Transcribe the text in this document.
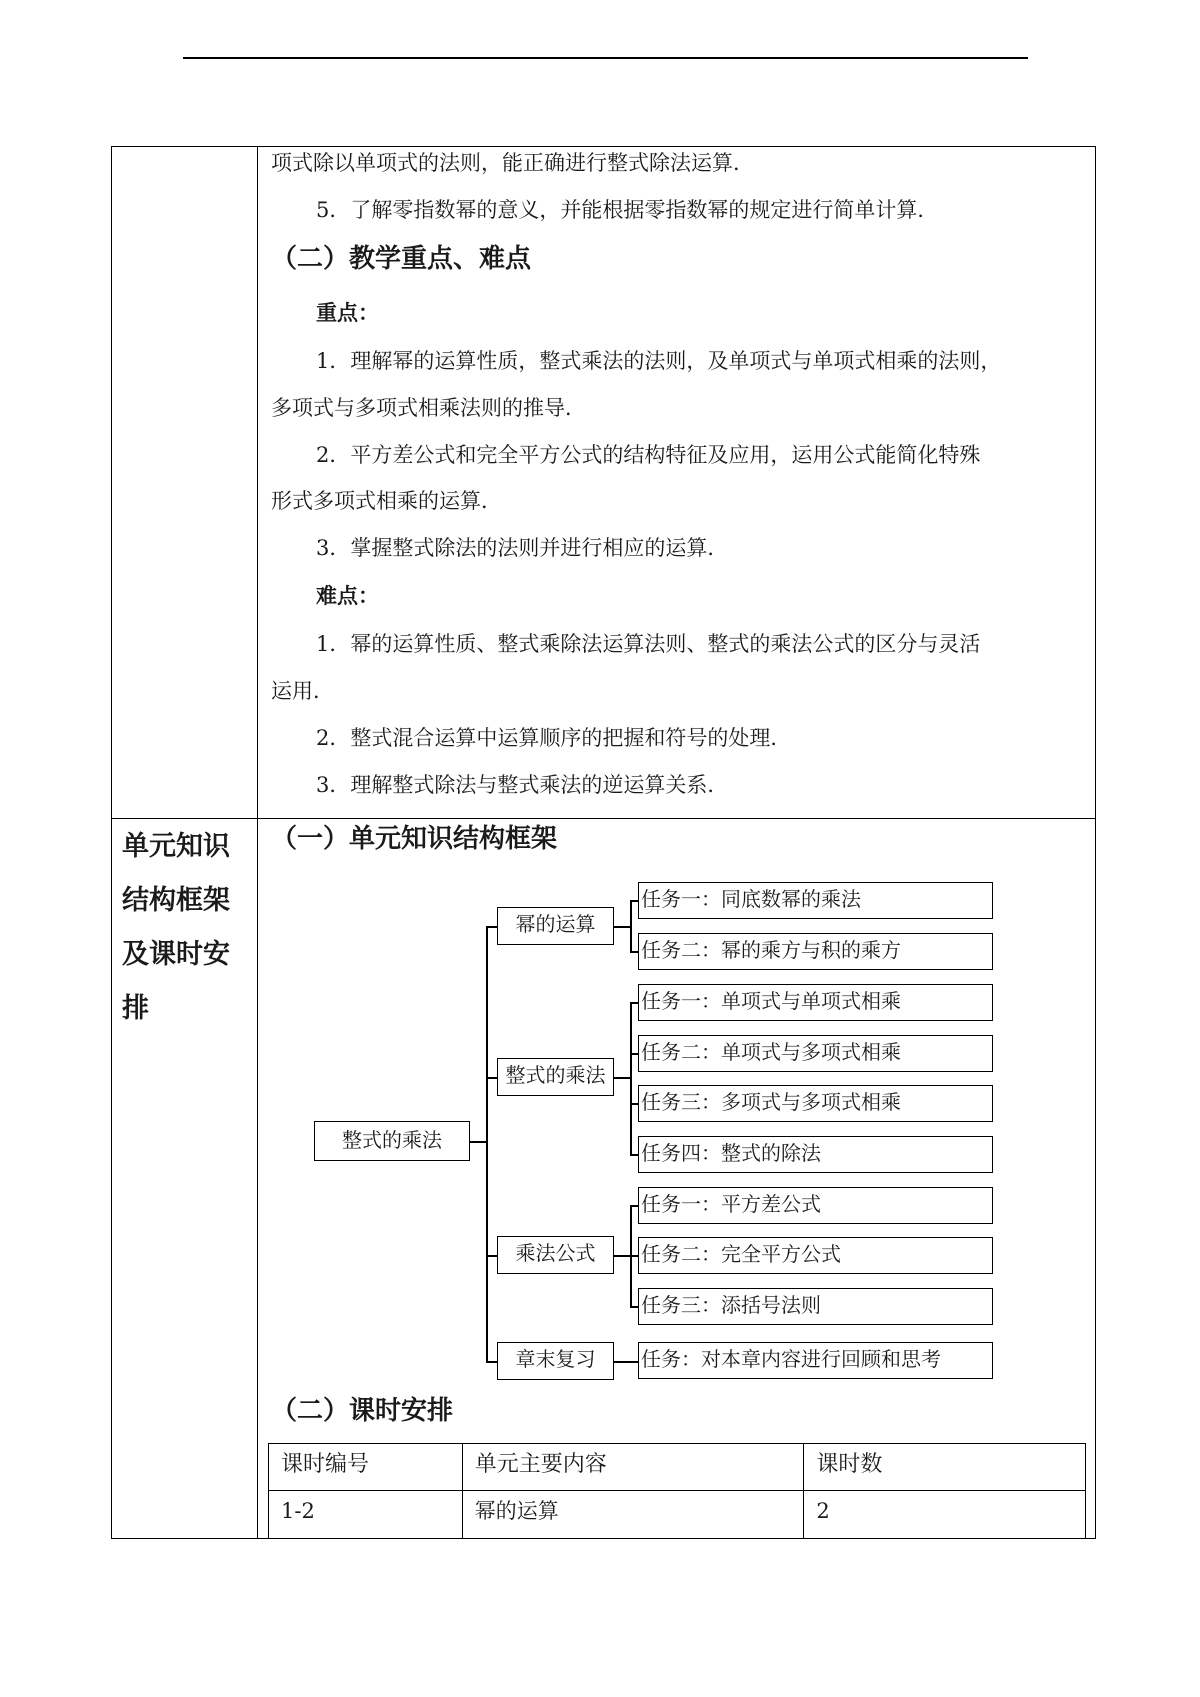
项式除以单项式的法则，能正确进行整式除法运算．
5．了解零指数幂的意义，并能根据零指数幂的规定进行简单计算．
（二）教学重点、难点
重点：
1．理解幂的运算性质，整式乘法的法则，及单项式与单项式相乘的法则，
多项式与多项式相乘法则的推导．
2．平方差公式和完全平方公式的结构特征及应用，运用公式能简化特殊
形式多项式相乘的运算．
3．掌握整式除法的法则并进行相应的运算．
难点：
1．幂的运算性质、整式乘除法运算法则、整式的乘法公式的区分与灵活
运用．
2．整式混合运算中运算顺序的把握和符号的处理．
3．理解整式除法与整式乘法的逆运算关系．
单元知识
结构框架
及课时安
排
（一）单元知识结构框架
整式的乘法
幂的运算
整式的乘法
乘法公式
章末复习
任务一：同底数幂的乘法
任务二：幂的乘方与积的乘方
任务一：单项式与单项式相乘
任务二：单项式与多项式相乘
任务三：多项式与多项式相乘
任务四：整式的除法
任务一：平方差公式
任务二：完全平方公式
任务三：添括号法则
任务：对本章内容进行回顾和思考
（二）课时安排
课时编号	单元主要内容	课时数
1-2	幂的运算	2
